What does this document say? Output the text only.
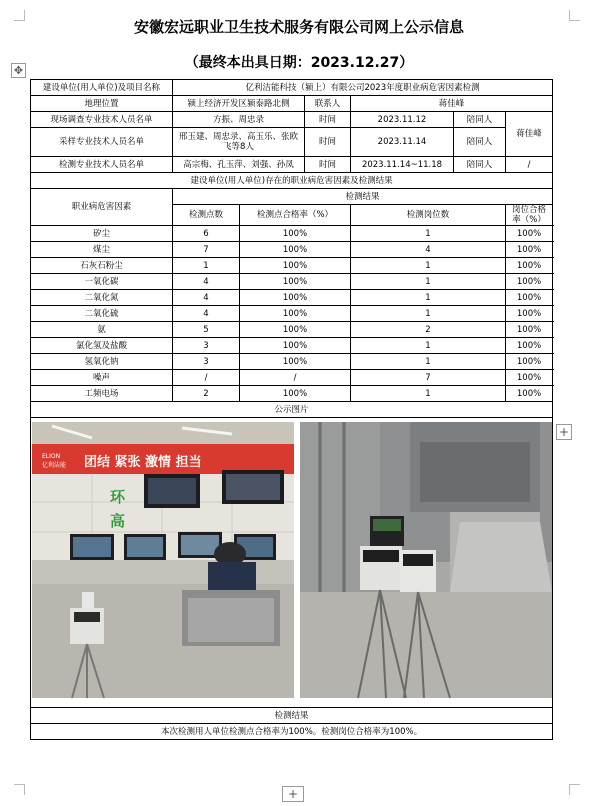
安徽宏远职业卫生技术服务有限公司网上公示信息
（最终本出具日期：2023.12.27）
✥
建设单位(用人单位)及项目名称	亿利洁能科技（颍上）有限公司2023年度职业病危害因素检测					
地理位置	颍上经济开发区颍泰路北侧		联系人	蒋佳峰		
现场调查专业技术人员名单	方振、周忠录		时间	2023.11.12	陪同人	蒋佳峰
采样专业技术人员名单	邢玉建、周忠录、高玉乐、张欧飞等8人		时间	2023.11.14	陪同人	
检测专业技术人员名单	高宗梅、孔玉萍、刘强、孙凤		时间	2023.11.14~11.18	陪同人	/
建设单位(用人单位)存在的职业病危害因素及检测结果						
职业病危害因素	检测结果					
	检测点数	检测点合格率（%）		检测岗位数		岗位合格率（%）
矽尘	6	100%		1		100%
煤尘	7	100%		4		100%
石灰石粉尘	1	100%		1		100%
一氧化碳	4	100%		1		100%
二氧化氮	4	100%		1		100%
二氧化硫	4	100%		1		100%
氨	5	100%		2		100%
氯化氢及盐酸	3	100%		1		100%
氢氧化钠	3	100%		1		100%
噪声	/	/		7		100%
工频电场	2	100%		1		100%
公示图片						

ELION
亿利洁能 团结 紧张 激情 担当
环
高						

检测结果						
本次检测用人单位检测点合格率为100%。检测岗位合格率为100%。						
+
+
